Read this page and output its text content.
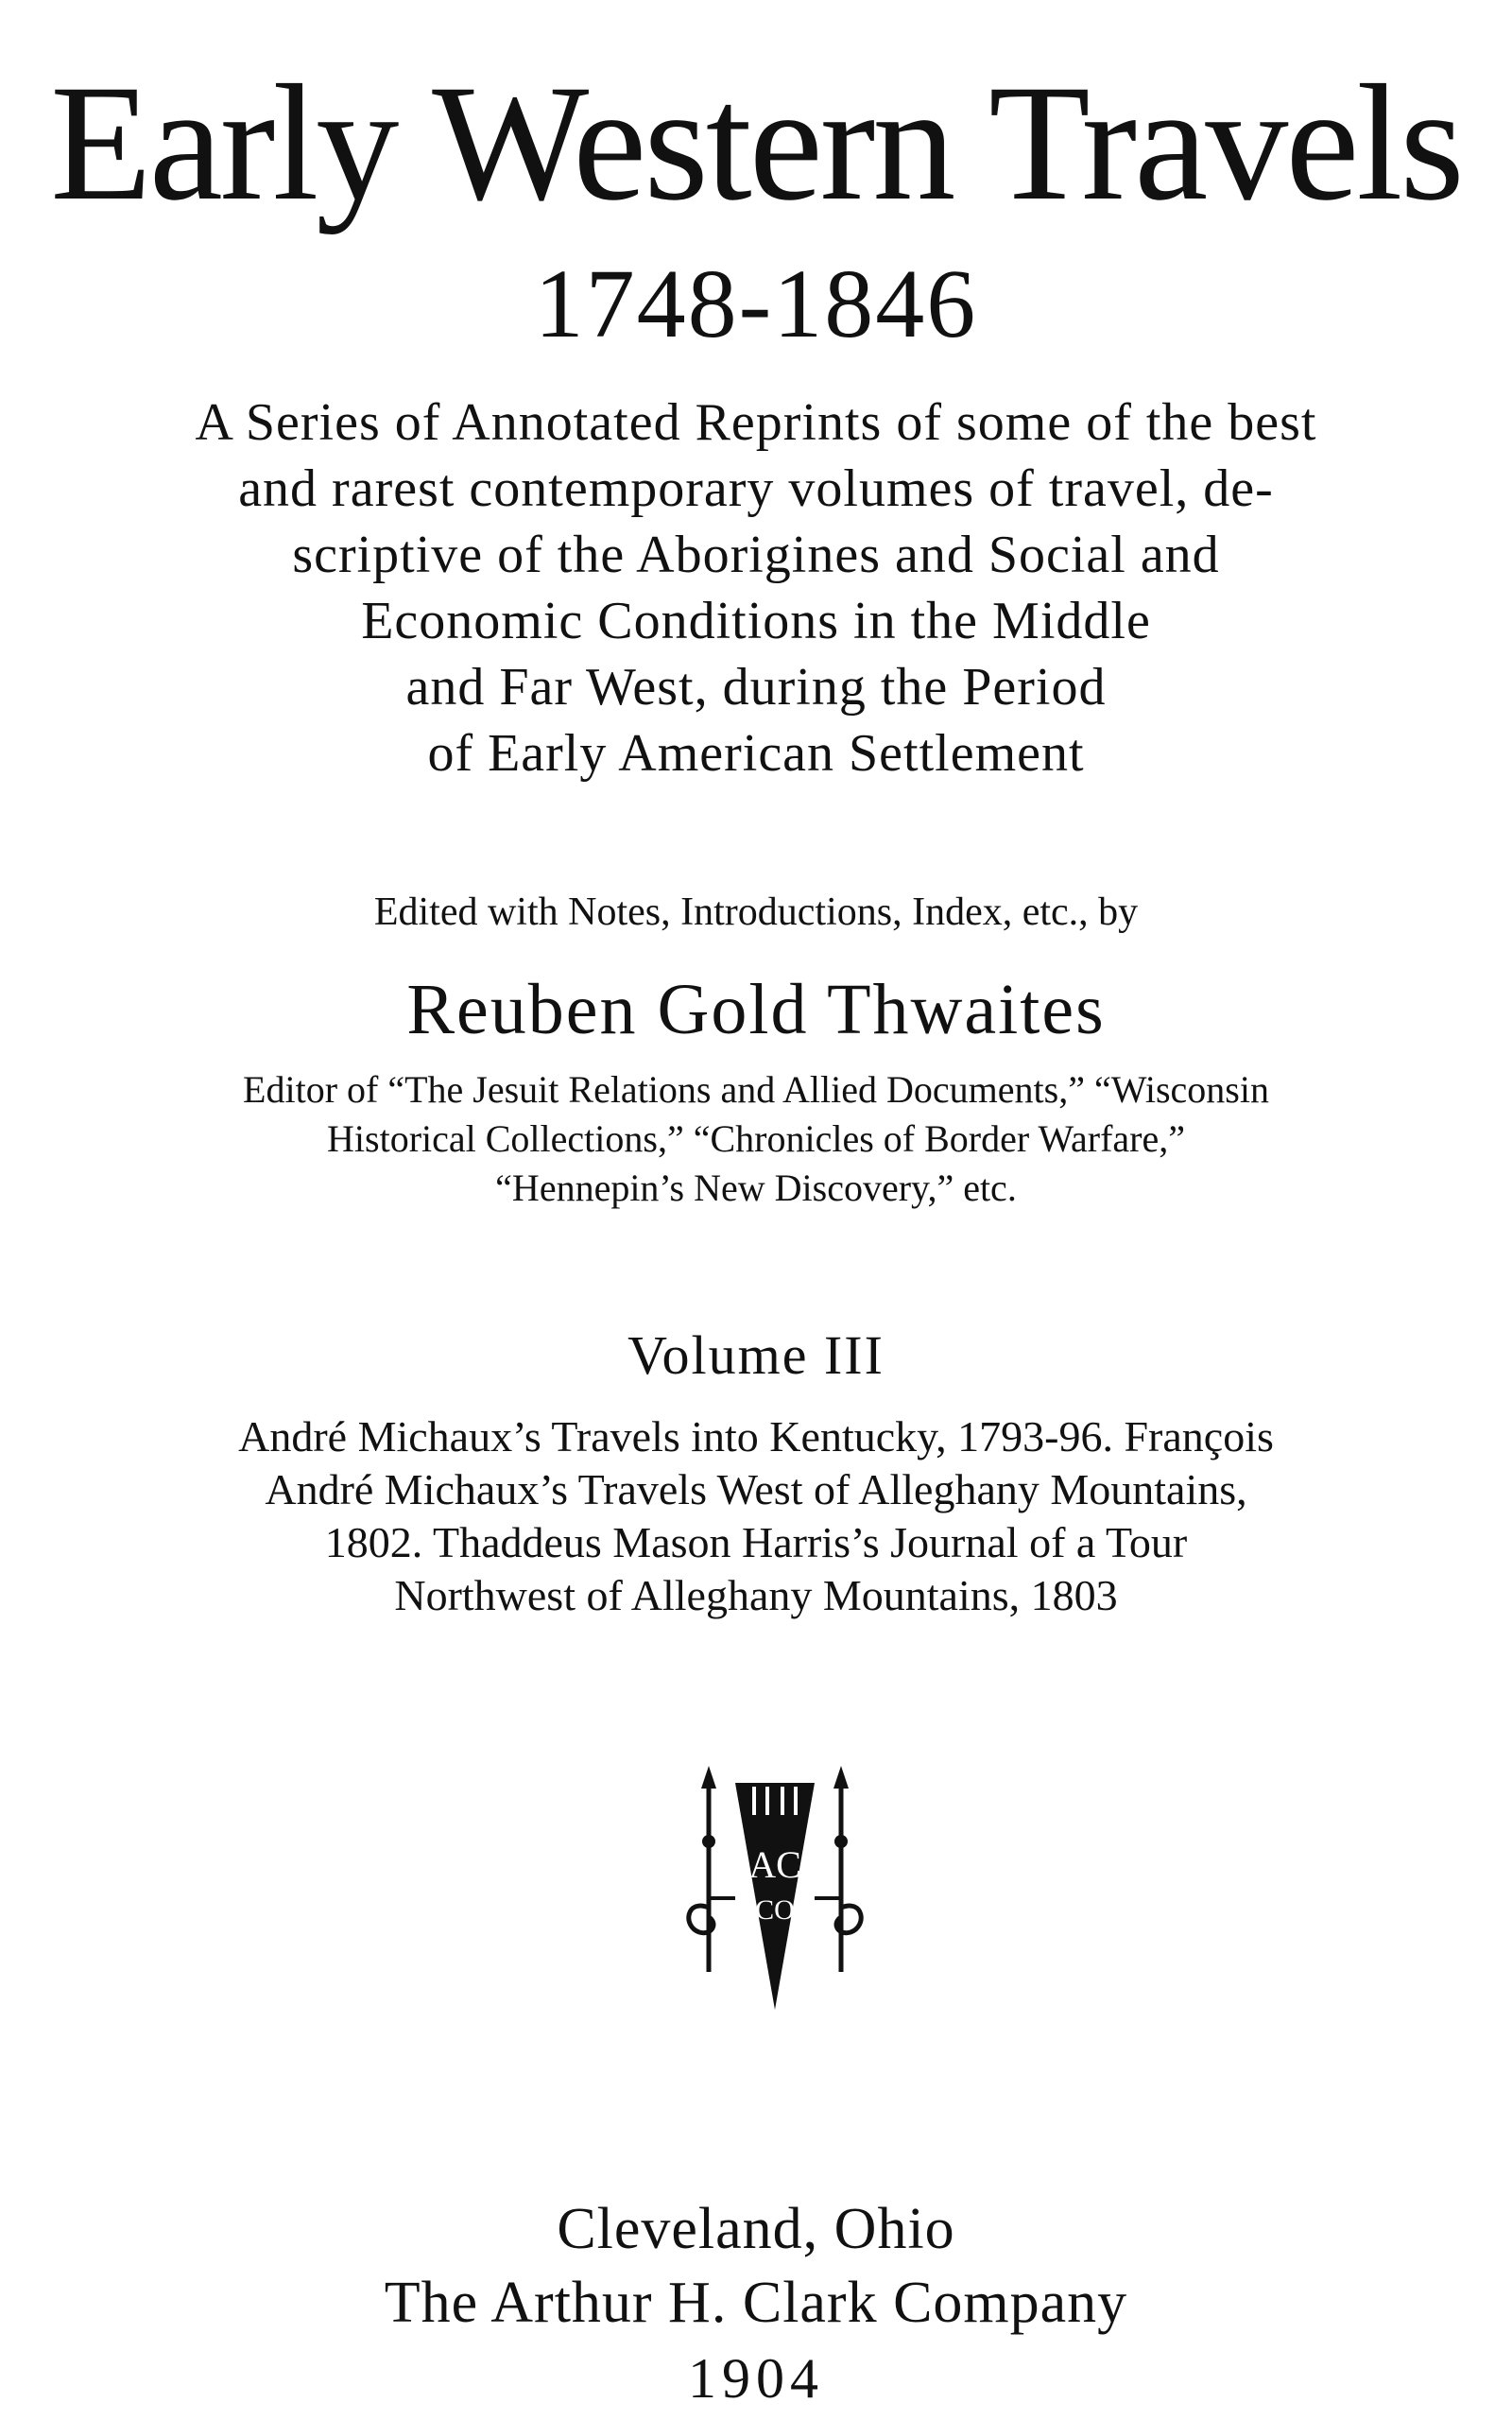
Early Western Travels
1748-1846
A Series of Annotated Reprints of some of the best
and rarest contemporary volumes of travel, de-
scriptive of the Aborigines and Social and
Economic Conditions in the Middle
and Far West, during the Period
of Early American Settlement
Edited with Notes, Introductions, Index, etc., by
Reuben Gold Thwaites
Editor of “The Jesuit Relations and Allied Documents,” “Wisconsin
Historical Collections,” “Chronicles of Border Warfare,”
“Hennepin’s New Discovery,” etc.
Volume III
André Michaux’s Travels into Kentucky, 1793-96. François
André Michaux’s Travels West of Alleghany Mountains,
1802. Thaddeus Mason Harris’s Journal of a Tour
Northwest of Alleghany Mountains, 1803
AC
CO
Cleveland, Ohio
The Arthur H. Clark Company
1904
